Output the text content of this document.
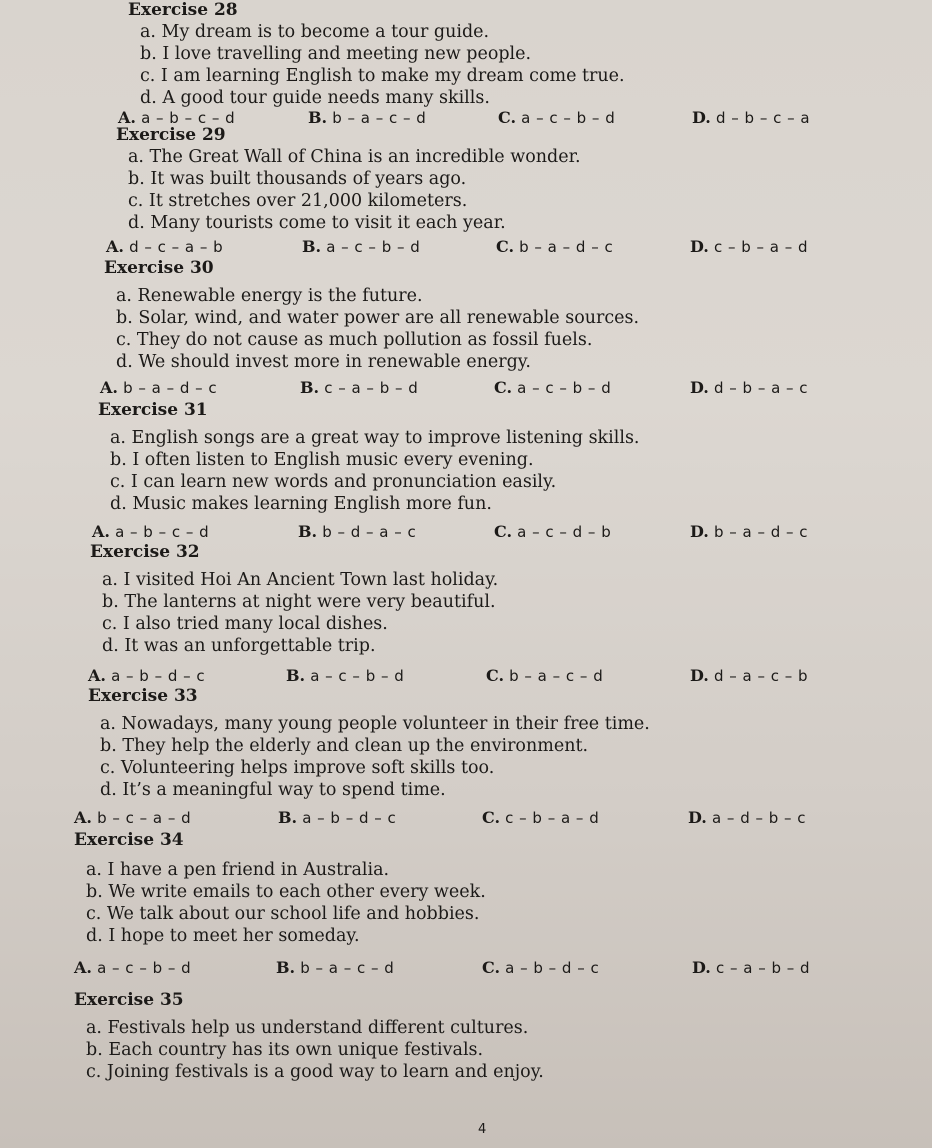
Exercise 28
a. My dream is to become a tour guide.
b. I love travelling and meeting new people.
c. I am learning English to make my dream come true.
d. A good tour guide needs many skills.
A. a – b – c – d	B. b – a – c – d	C. a – c – b – d	D. d – b – c – a
Exercise 29
a. The Great Wall of China is an incredible wonder.
b. It was built thousands of years ago.
c. It stretches over 21,000 kilometers.
d. Many tourists come to visit it each year.
A. d – c – a – b	B. a – c – b – d	C. b – a – d – c	D. c – b – a – d
Exercise 30
a. Renewable energy is the future.
b. Solar, wind, and water power are all renewable sources.
c. They do not cause as much pollution as fossil fuels.
d. We should invest more in renewable energy.
A. b – a – d – c	B. c – a – b – d	C. a – c – b – d	D. d – b – a – c
Exercise 31
a. English songs are a great way to improve listening skills.
b. I often listen to English music every evening.
c. I can learn new words and pronunciation easily.
d. Music makes learning English more fun.
A. a – b – c – d	B. b – d – a – c	C. a – c – d – b	D. b – a – d – c
Exercise 32
a. I visited Hoi An Ancient Town last holiday.
b. The lanterns at night were very beautiful.
c. I also tried many local dishes.
d. It was an unforgettable trip.
A. a – b – d – c	B. a – c – b – d	C. b – a – c – d	D. d – a – c – b
Exercise 33
a. Nowadays, many young people volunteer in their free time.
b. They help the elderly and clean up the environment.
c. Volunteering helps improve soft skills too.
d. It’s a meaningful way to spend time.
A. b – c – a – d	B. a – b – d – c	C. c – b – a – d	D. a – d – b – c
Exercise 34
a. I have a pen friend in Australia.
b. We write emails to each other every week.
c. We talk about our school life and hobbies.
d. I hope to meet her someday.
A. a – c – b – d	B. b – a – c – d	C. a – b – d – c	D. c – a – b – d
Exercise 35
a. Festivals help us understand different cultures.
b. Each country has its own unique festivals.
c. Joining festivals is a good way to learn and enjoy.
4
